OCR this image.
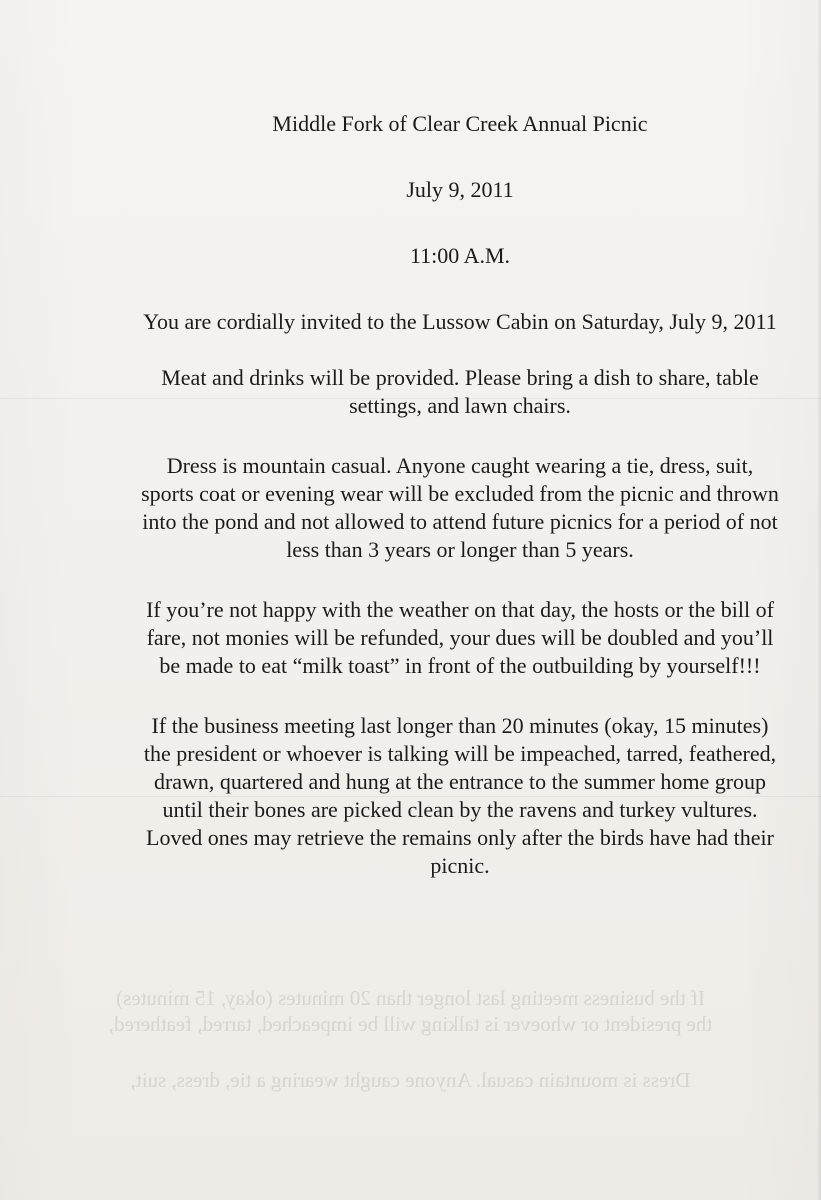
Middle Fork of Clear Creek Annual Picnic
July 9, 2011
11:00 A.M.
You are cordially invited to the Lussow Cabin on Saturday, July 9, 2011
Meat and drinks will be provided. Please bring a dish to share, table
settings, and lawn chairs.
Dress is mountain casual. Anyone caught wearing a tie, dress, suit,
sports coat or evening wear will be excluded from the picnic and thrown
into the pond and not allowed to attend future picnics for a period of not
less than 3 years or longer than 5 years.
If you’re not happy with the weather on that day, the hosts or the bill of
fare, not monies will be refunded, your dues will be doubled and you’ll
be made to eat “milk toast” in front of the outbuilding by yourself!!!
If the business meeting last longer than 20 minutes (okay, 15 minutes)
the president or whoever is talking will be impeached, tarred, feathered,
drawn, quartered and hung at the entrance to the summer home group
until their bones are picked clean by the ravens and turkey vultures.
Loved ones may retrieve the remains only after the birds have had their
picnic.
If the business meeting last longer than 20 minutes (okay, 15 minutes)
the president or whoever is talking will be impeached, tarred, feathered,
Dress is mountain casual. Anyone caught wearing a tie, dress, suit,
